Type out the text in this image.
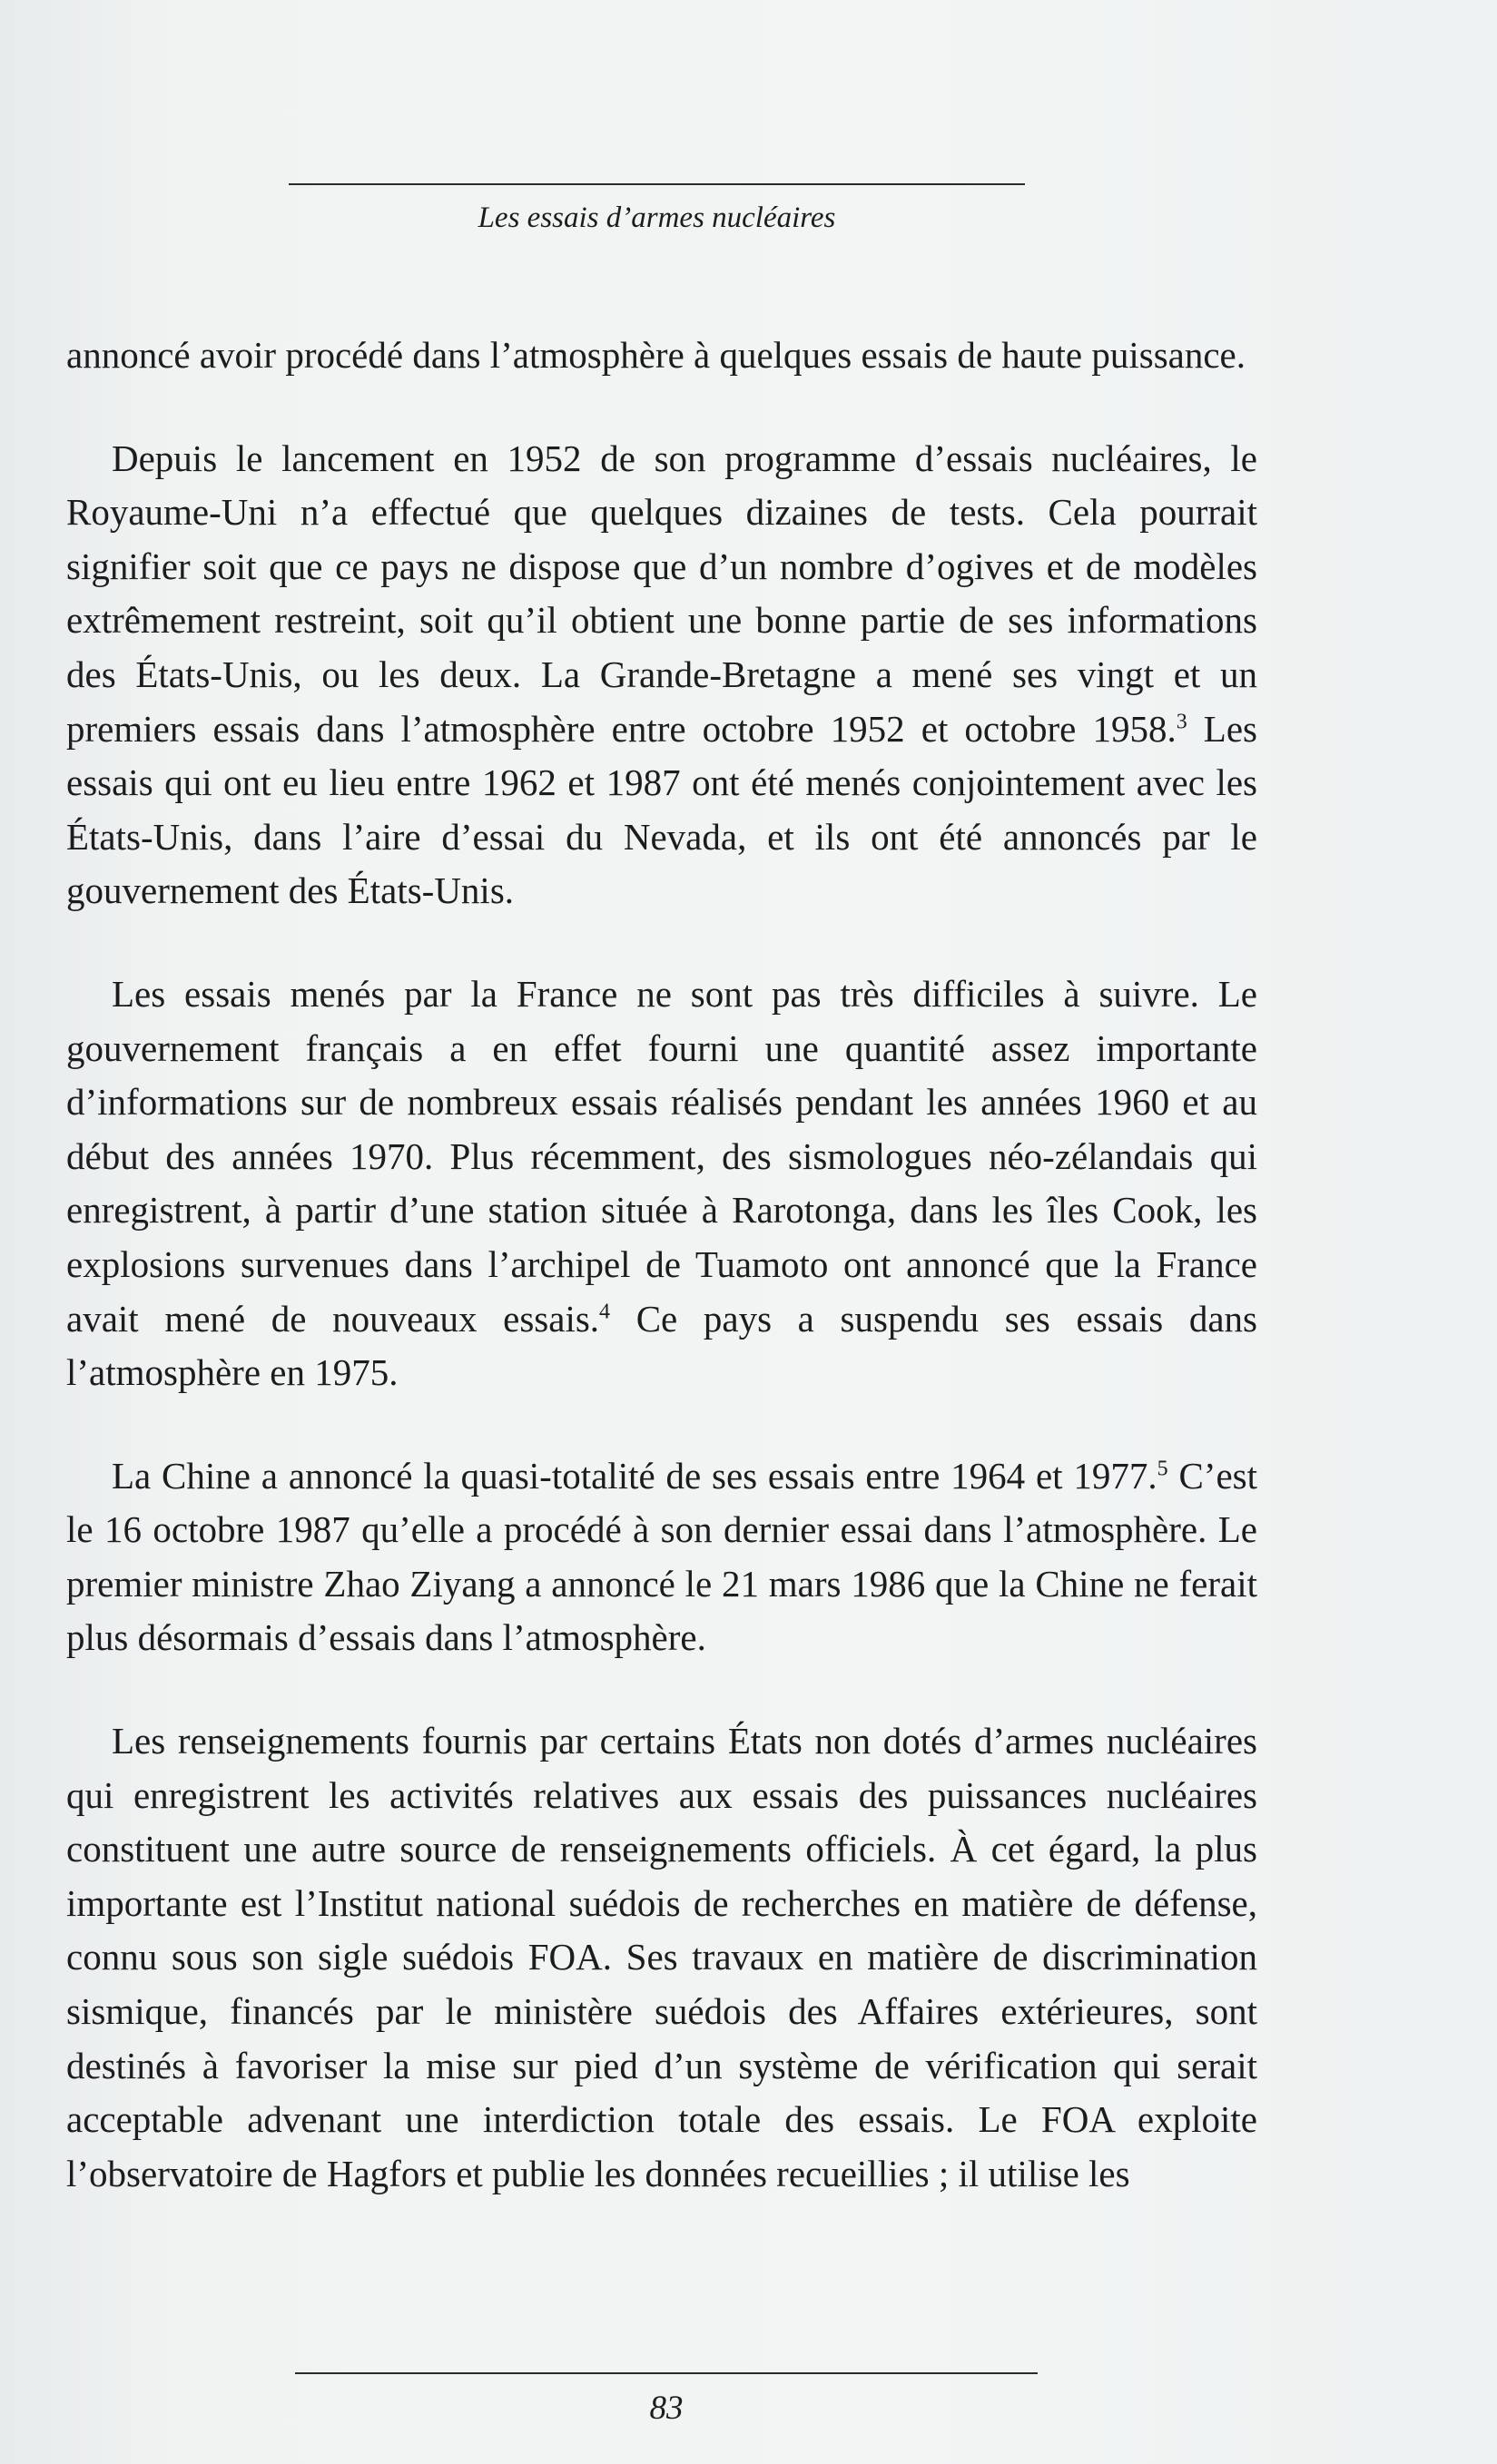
Les essais d’armes nucléaires

annoncé avoir procédé dans l’atmosphère à quelques essais de haute puissance.

Depuis le lancement en 1952 de son programme d’essais nucléaires, le Royaume-Uni n’a effectué que quelques dizaines de tests. Cela pourrait signifier soit que ce pays ne dispose que d’un nombre d’ogives et de modèles extrêmement restreint, soit qu’il obtient une bonne partie de ses informations des États-Unis, ou les deux. La Grande-Bretagne a mené ses vingt et un premiers essais dans l’atmosphère entre octobre 1952 et octobre 1958.$^3$ Les essais qui ont eu lieu entre 1962 et 1987 ont été menés conjointement avec les États-Unis, dans l’aire d’essai du Nevada, et ils ont été annoncés par le gouvernement des États-Unis.

Les essais menés par la France ne sont pas très difficiles à suivre. Le gouvernement français a en effet fourni une quantité assez importante d’informations sur de nombreux essais réalisés pendant les années 1960 et au début des années 1970. Plus récemment, des sismologues néo-zélandais qui enregistrent, à partir d’une station située à Rarotonga, dans les îles Cook, les explosions survenues dans l’archipel de Tuamoto ont annoncé que la France avait mené de nouveaux essais.$^4$ Ce pays a suspendu ses essais dans l’atmosphère en 1975.

La Chine a annoncé la quasi-totalité de ses essais entre 1964 et 1977.$^5$ C’est le 16 octobre 1987 qu’elle a procédé à son dernier essai dans l’atmosphère. Le premier ministre Zhao Ziyang a annoncé le 21 mars 1986 que la Chine ne ferait plus désormais d’essais dans l’atmosphère.

Les renseignements fournis par certains États non dotés d’armes nucléaires qui enregistrent les activités relatives aux essais des puissances nucléaires constituent une autre source de renseignements officiels. À cet égard, la plus importante est l’Institut national suédois de recherches en matière de défense, connu sous son sigle suédois FOA. Ses travaux en matière de discrimination sismique, financés par le ministère suédois des Affaires extérieures, sont destinés à favoriser la mise sur pied d’un système de vérification qui serait acceptable advenant une interdiction totale des essais. Le FOA exploite l’observatoire de Hagfors et publie les données recueillies ; il utilise les

83
